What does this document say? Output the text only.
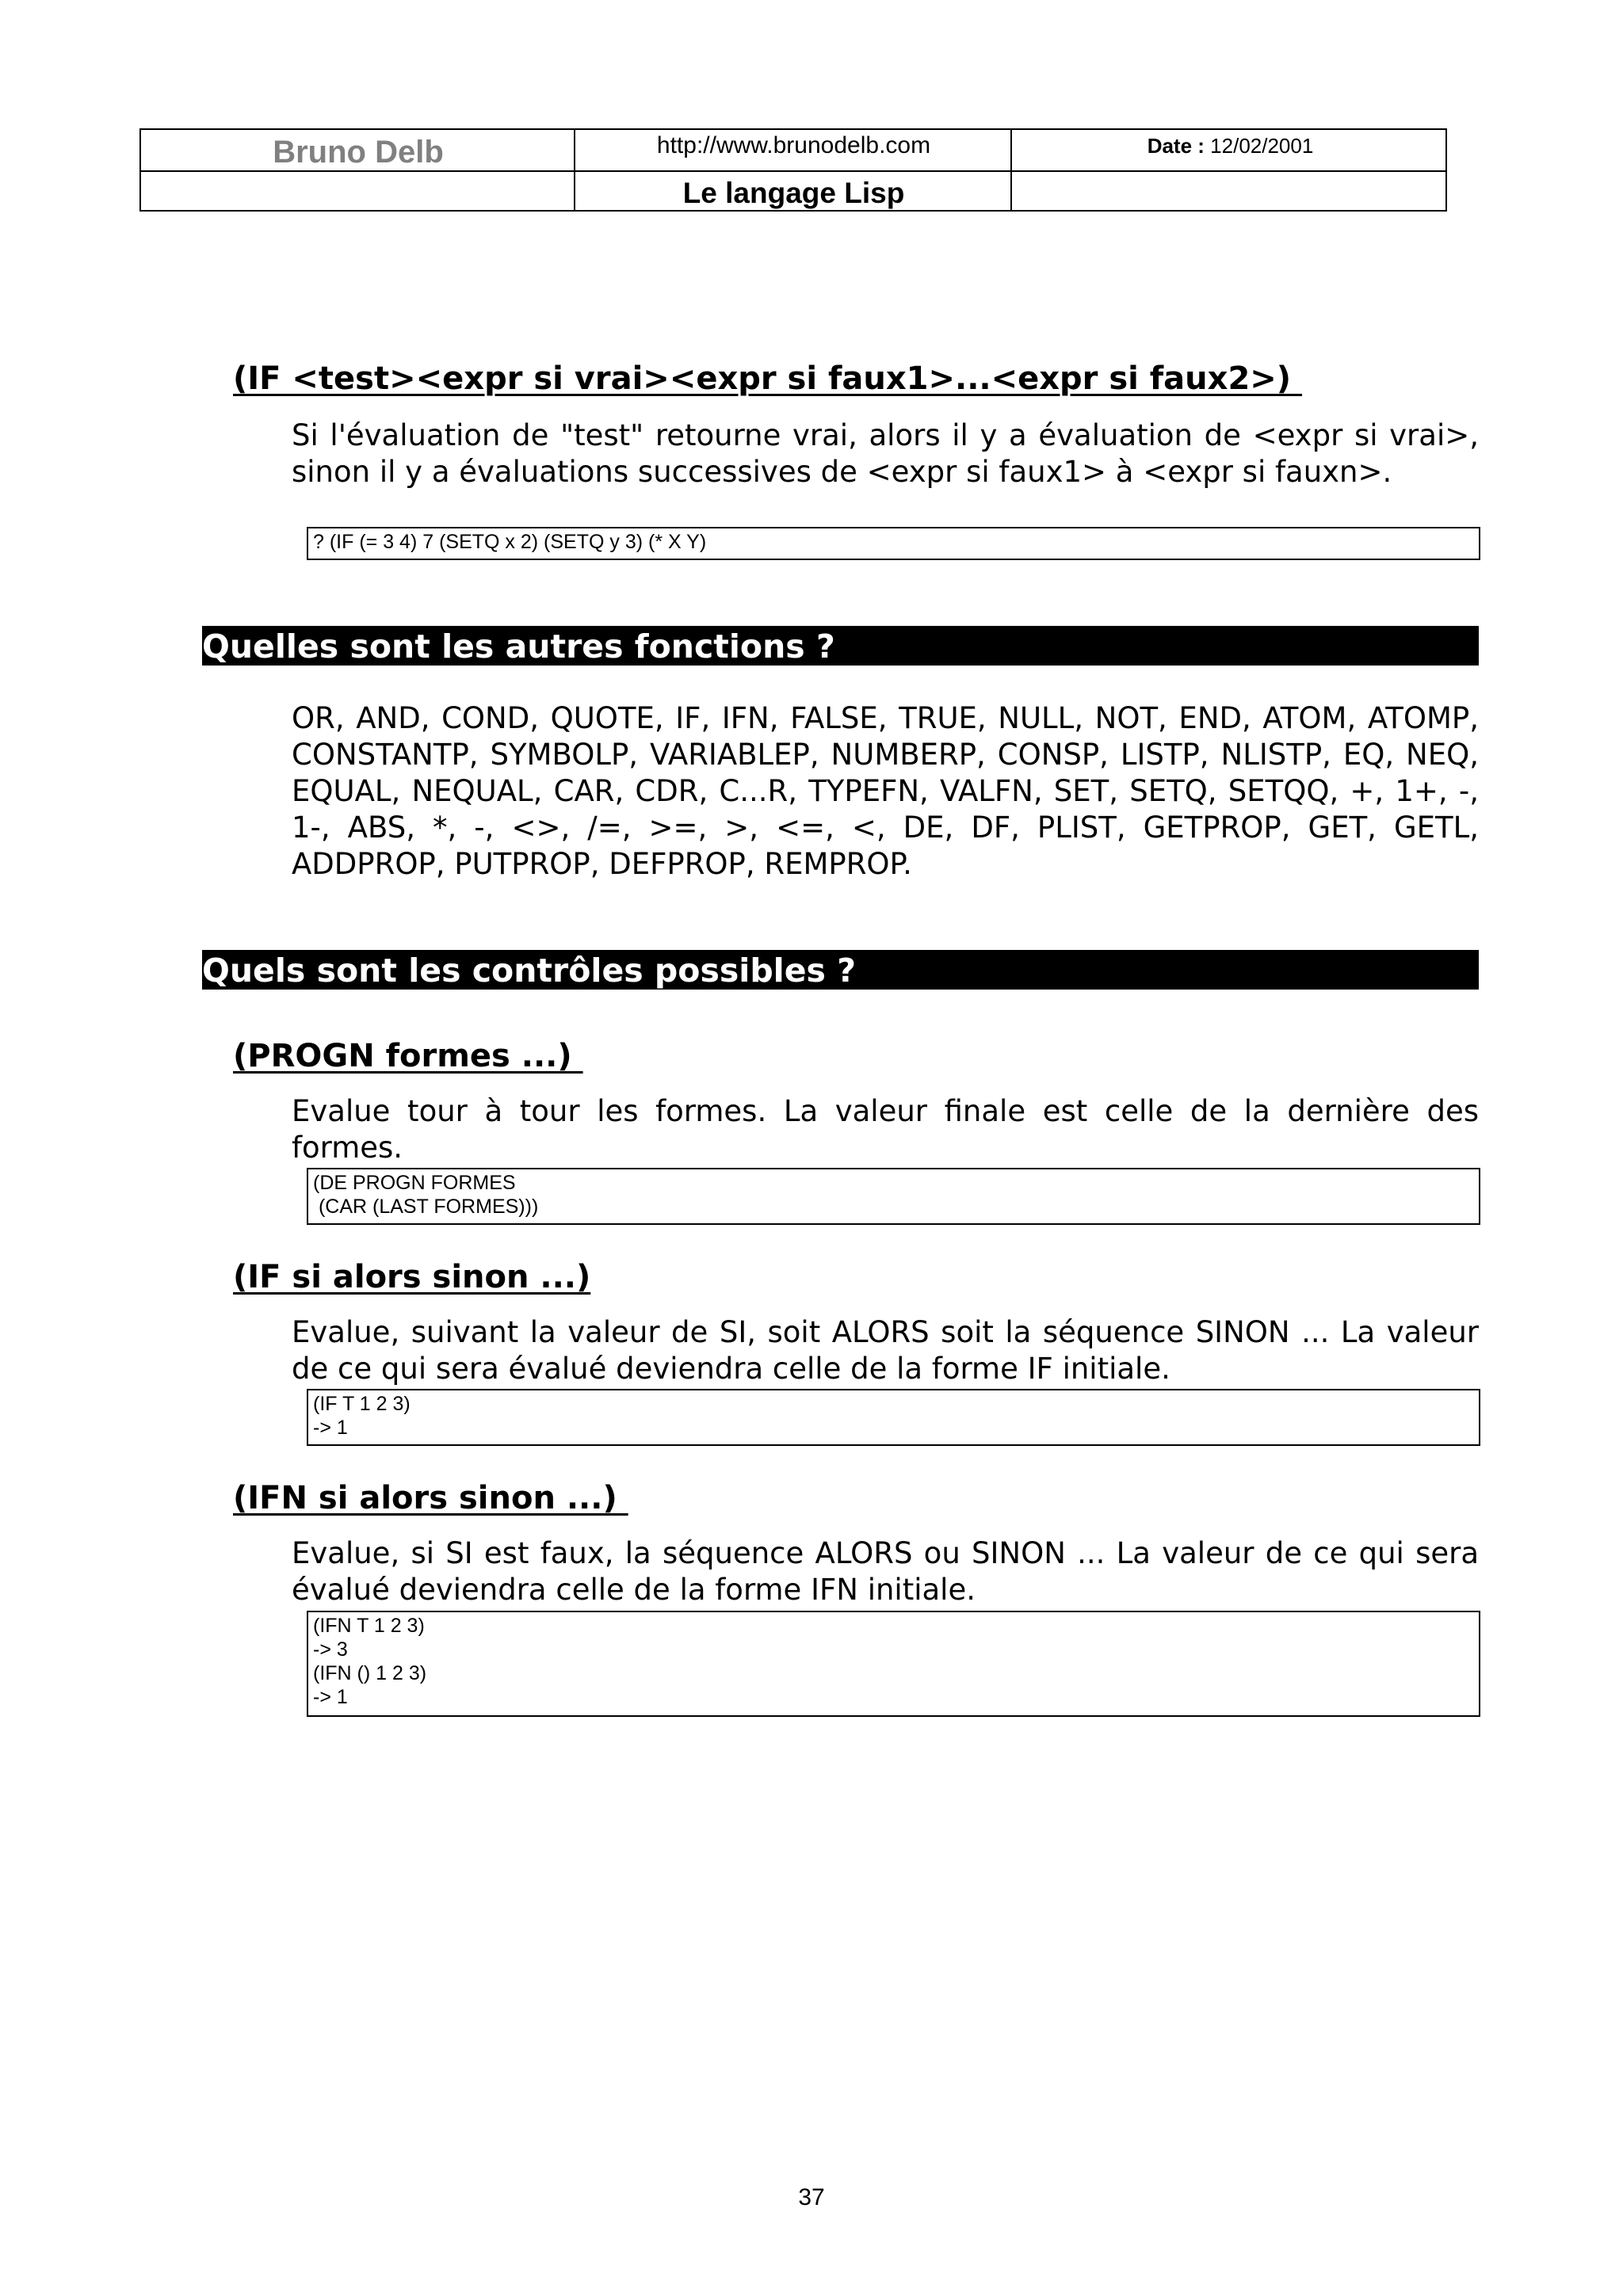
Bruno Delb	http://www.brunodelb.com	Date : 12/02/2001
Le langage Lisp
(IF <test><expr si vrai><expr si faux1>...<expr si faux2>)
Si l'évaluation de "test" retourne vrai, alors il y a évaluation de <expr si vrai>, sinon il y a évaluations successives de <expr si faux1> à <expr si fauxn>.
? (IF (= 3 4) 7 (SETQ x 2) (SETQ y 3) (* X Y)
Quelles sont les autres fonctions ?
OR, AND, COND, QUOTE, IF, IFN, FALSE, TRUE, NULL, NOT, END, ATOM, ATOMP, CONSTANTP, SYMBOLP, VARIABLEP, NUMBERP, CONSP, LISTP, NLISTP, EQ, NEQ, EQUAL, NEQUAL, CAR, CDR, C...R, TYPEFN, VALFN, SET, SETQ, SETQQ, +, 1+, -, 1-, ABS, *, -, <>, /=, >=, >, <=, <, DE, DF, PLIST, GETPROP, GET, GETL, ADDPROP, PUTPROP, DEFPROP, REMPROP.
Quels sont les contrôles possibles ?
(PROGN formes ...)
Evalue tour à tour les formes. La valeur finale est celle de la dernière des formes.
(DE PROGN FORMES
(CAR (LAST FORMES)))
(IF si alors sinon ...)
Evalue, suivant la valeur de SI, soit ALORS soit la séquence SINON ... La valeur de ce qui sera évalué deviendra celle de la forme IF initiale.
(IF T 1 2 3)
-> 1
(IFN si alors sinon ...)
Evalue, si SI est faux, la séquence ALORS ou SINON ... La valeur de ce qui sera évalué deviendra celle de la forme IFN initiale.
(IFN T 1 2 3)
-> 3
(IFN () 1 2 3)
-> 1
37
